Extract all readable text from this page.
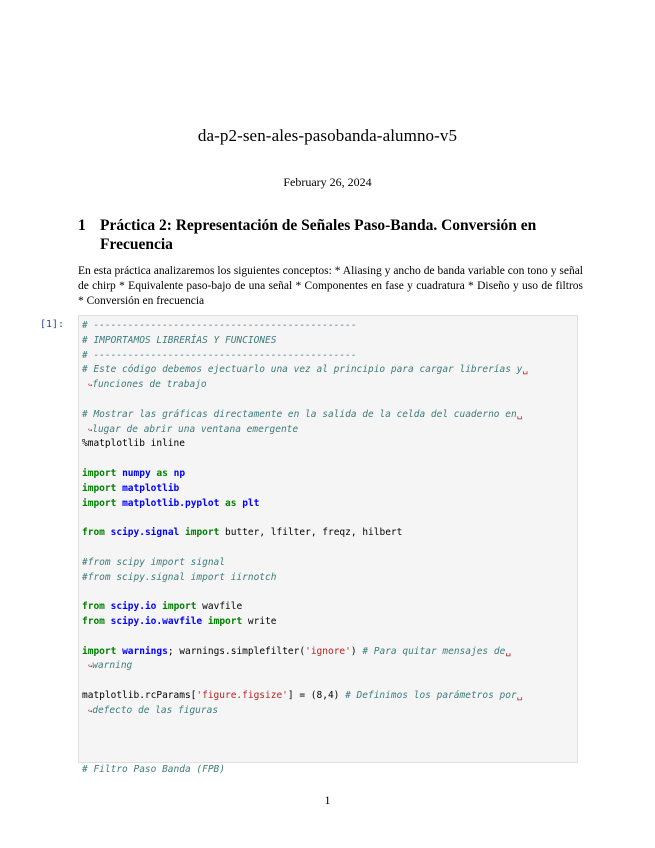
da-p2-sen-ales-pasobanda-alumno-v5
February 26, 2024
1 Práctica 2: Representación de Señales Paso-Banda. Conversión en Frecuencia
En esta práctica analizaremos los siguientes conceptos: * Aliasing y ancho de banda variable con tono y señal de chirp * Equivalente paso-bajo de una señal * Componentes en fase y cuadratura * Diseño y uso de filtros * Conversión en frecuencia
[1]:	# ----------------------------------------------
# IMPORTAMOS LIBRERÍAS Y FUNCIONES
# ----------------------------------------------
# Este código debemos ejectuarlo una vez al principio para cargar librerías y␣
↪funciones de trabajo

# Mostrar las gráficas directamente en la salida de la celda del cuaderno en␣
↪lugar de abrir una ventana emergente
%matplotlib inline

import numpy as np
import matplotlib
import matplotlib.pyplot as plt

from scipy.signal import butter, lfilter, freqz, hilbert

#from scipy import signal
#from scipy.signal import iirnotch

from scipy.io import wavfile
from scipy.io.wavfile import write

import warnings; warnings.simplefilter('ignore') # Para quitar mensajes de␣
↪warning

matplotlib.rcParams['figure.figsize'] = (8,4) # Definimos los parámetros por␣
↪defecto de las figuras

# Filtro Paso Banda (FPB)
1
